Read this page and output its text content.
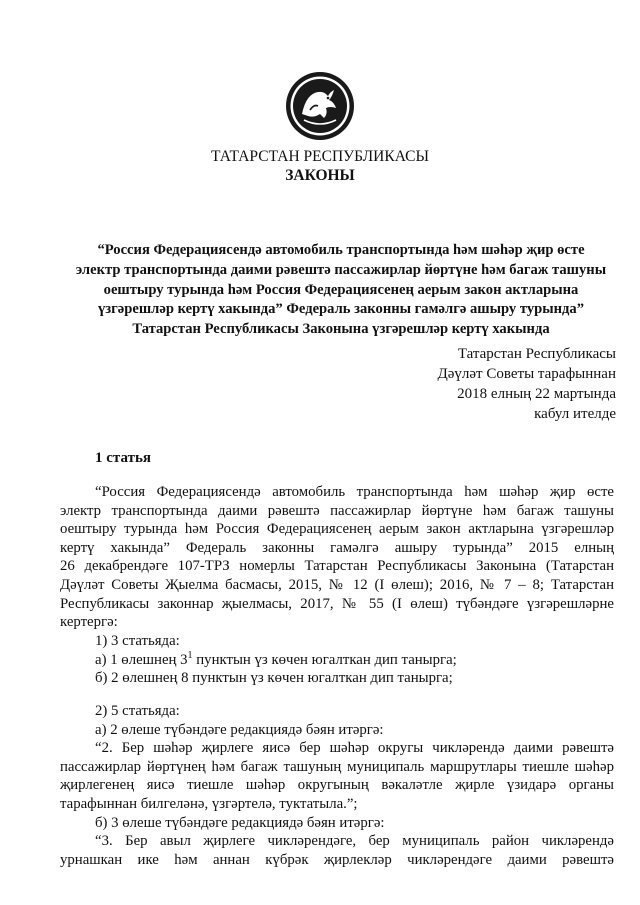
ТАТАРСТАН РЕСПУБЛИКАСЫ
ЗАКОНЫ
“Россия Федерациясендә автомобиль транспортында һәм шәһәр җир өсте
электр транспортында даими рәвештә пассажирлар йөртүне һәм багаж ташуны
оештыру турында һәм Россия Федерациясенең аерым закон актларына
үзгәрешләр кертү хакында” Федераль законны гамәлгә ашыру турында”
Татарстан Республикасы Законына үзгәрешләр кертү хакында
Татарстан Республикасы
Дәүләт Советы тарафыннан
2018 елның 22 мартында
кабул ителде
1 статья
“Россия Федерациясендә автомобиль транспортында һәм шәһәр җир өсте
электр транспортында даими рәвештә пассажирлар йөртүне һәм багаж ташуны
оештыру турында һәм Россия Федерациясенең аерым закон актларына үзгәрешләр
кертү хакында” Федераль законны гамәлгә ашыру турында” 2015 елның
26 декабрендәге 107-ТРЗ номерлы Татарстан Республикасы Законына (Татарстан
Дәүләт Советы Җыелма басмасы, 2015, № 12 (I өлеш); 2016, № 7 – 8; Татарстан
Республикасы законнар җыелмасы, 2017, № 55 (I өлеш) түбәндәге үзгәрешләрне
кертергә:
1) 3 статьяда:
а) 1 өлешнең $3^1$ пунктын үз көчен югалткан дип танырга;
б) 2 өлешнең 8 пунктын үз көчен югалткан дип танырга;
2) 5 статьяда:
а) 2 өлеше түбәндәге редакциядә бәян итәргә:
“2. Бер шәһәр җирлеге яисә бер шәһәр округы чикләрендә даими рәвештә
пассажирлар йөртүнең һәм багаж ташуның муниципаль маршрутлары тиешле шәһәр
җирлегенең яисә тиешле шәһәр округының вәкаләтле җирле үзидарә органы
тарафыннан билгеләнә, үзгәртелә, туктатыла.”;
б) 3 өлеше түбәндәге редакциядә бәян итәргә:
“3. Бер авыл җирлеге чикләрендәге, бер муниципаль район чикләрендә
урнашкан ике һәм аннан күбрәк җирлекләр чикләрендәге даими рәвештә
